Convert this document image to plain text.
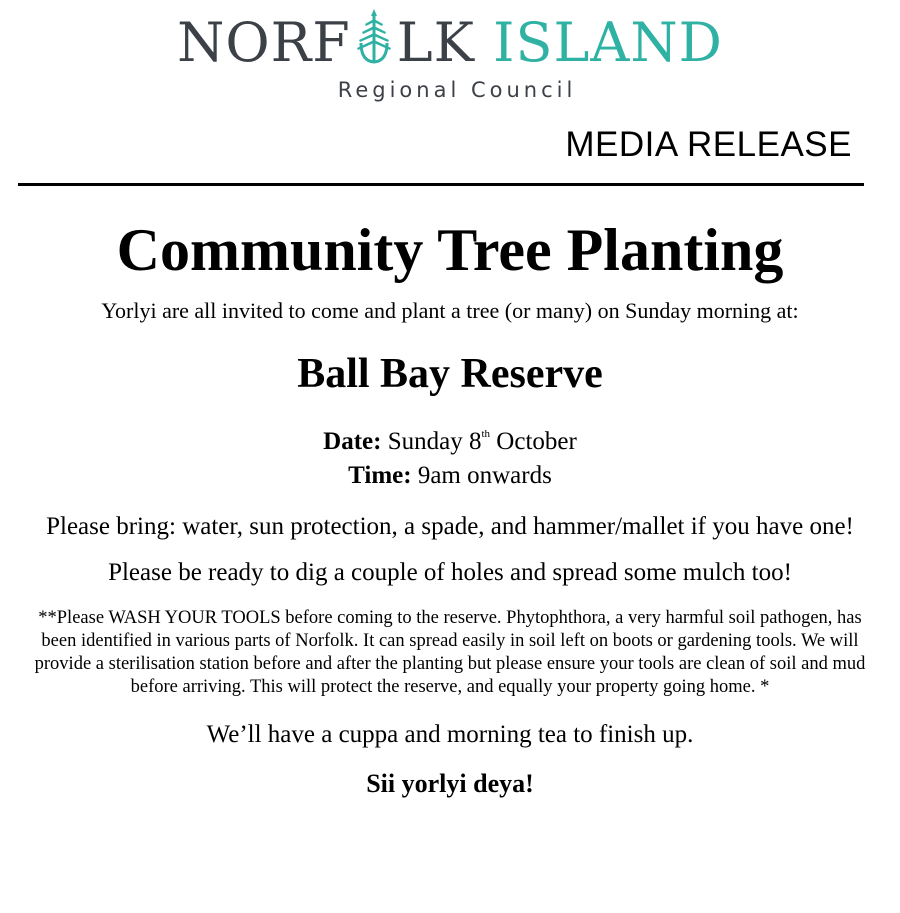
NORF LK ISLAND
Regional Council
MEDIA RELEASE
Community Tree Planting

Yorlyi are all invited to come and plant a tree (or many) on Sunday morning at:

Ball Bay Reserve

Date: Sunday 8th October
Time: 9am onwards

Please bring: water, sun protection, a spade, and hammer/mallet if you have one!

Please be ready to dig a couple of holes and spread some mulch too!

**Please WASH YOUR TOOLS before coming to the reserve. Phytophthora, a very harmful soil pathogen, has been identified in various parts of Norfolk. It can spread easily in soil left on boots or gardening tools. We will provide a sterilisation station before and after the planting but please ensure your tools are clean of soil and mud before arriving. This will protect the reserve, and equally your property going home. *

We’ll have a cuppa and morning tea to finish up.

Sii yorlyi deya!
